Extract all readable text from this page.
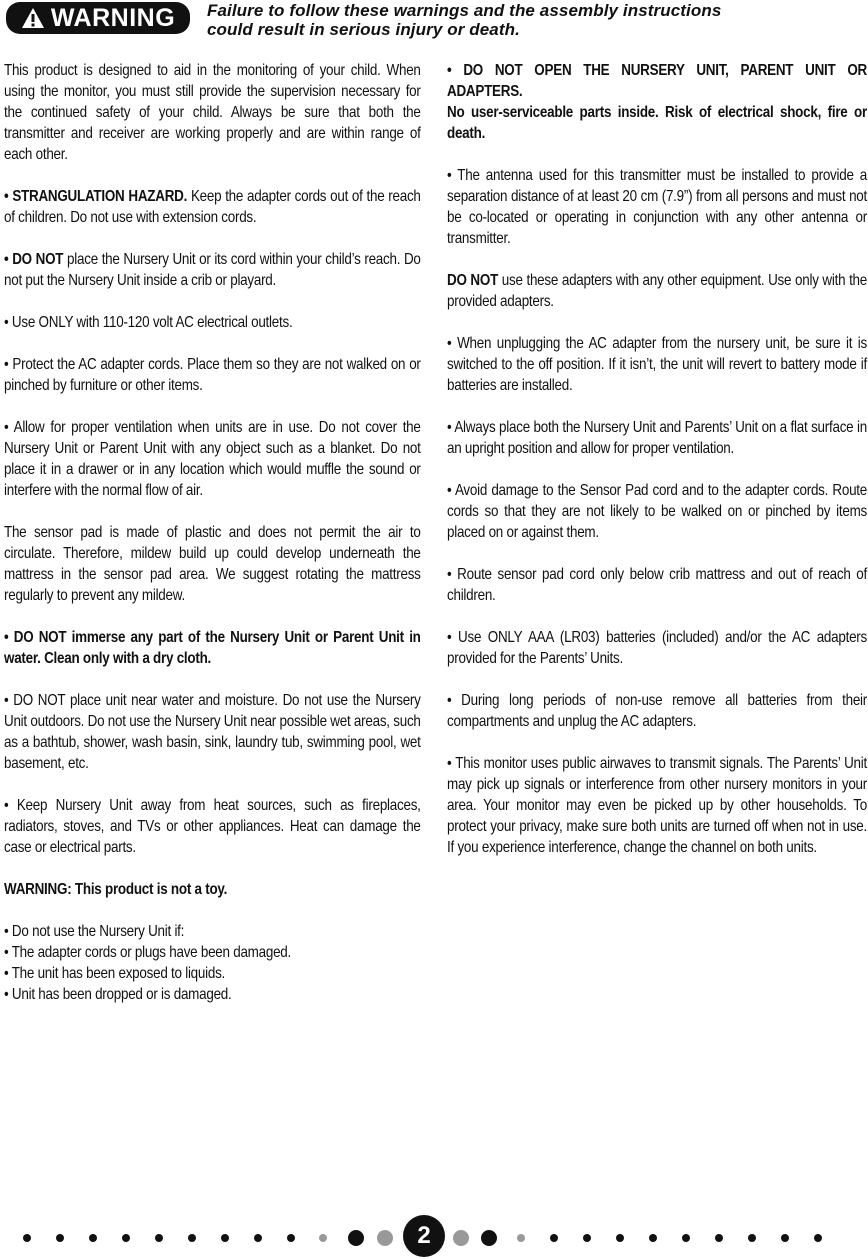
WARNING Failure to follow these warnings and the assembly instructions
could result in serious injury or death.

This product is designed to aid in the monitoring of your child. When using the monitor, you must still provide the supervision necessary for the continued safety of your child. Always be sure that both the transmitter and receiver are working properly and are within range of each other.

• STRANGULATION HAZARD. Keep the adapter cords out of the reach of children. Do not use with extension cords.

• DO NOT place the Nursery Unit or its cord within your child’s reach. Do not put the Nursery Unit inside a crib or playard.

• Use ONLY with 110-120 volt AC electrical outlets.

• Protect the AC adapter cords. Place them so they are not walked on or pinched by furniture or other items.

• Allow for proper ventilation when units are in use. Do not cover the Nursery Unit or Parent Unit with any object such as a blanket. Do not place it in a drawer or in any location which would muffle the sound or interfere with the normal flow of air.

The sensor pad is made of plastic and does not permit the air to circulate. Therefore, mildew build up could develop underneath the mattress in the sensor pad area. We suggest rotating the mattress regularly to prevent any mildew.

• DO NOT immerse any part of the Nursery Unit or Parent Unit in water. Clean only with a dry cloth.

• DO NOT place unit near water and moisture. Do not use the Nursery Unit outdoors. Do not use the Nursery Unit near possible wet areas, such as a bathtub, shower, wash basin, sink, laundry tub, swimming pool, wet basement, etc.

• Keep Nursery Unit away from heat sources, such as fireplaces, radiators, stoves, and TVs or other appliances. Heat can damage the case or electrical parts.

WARNING: This product is not a toy.

• Do not use the Nursery Unit if:

• The adapter cords or plugs have been damaged.
• The unit has been exposed to liquids.
• Unit has been dropped or is damaged.

• DO NOT OPEN THE NURSERY UNIT, PARENT UNIT OR ADAPTERS.
No user-serviceable parts inside. Risk of electrical shock, fire or death.

• The antenna used for this transmitter must be installed to provide a separation distance of at least 20 cm (7.9”) from all persons and must not be co-located or operating in conjunction with any other antenna or transmitter.

DO NOT use these adapters with any other equipment. Use only with the provided adapters.

• When unplugging the AC adapter from the nursery unit, be sure it is switched to the off position. If it isn’t, the unit will revert to battery mode if batteries are installed.

• Always place both the Nursery Unit and Parents’ Unit on a flat surface in an upright position and allow for proper ventilation.

• Avoid damage to the Sensor Pad cord and to the adapter cords. Route cords so that they are not likely to be walked on or pinched by items placed on or against them.

• Route sensor pad cord only below crib mattress and out of reach of children.

• Use ONLY AAA (LR03) batteries (included) and/or the AC adapters provided for the Parents’ Units.

• During long periods of non-use remove all batteries from their compartments and unplug the AC adapters.

• This monitor uses public airwaves to transmit signals. The Parents’ Unit may pick up signals or interference from other nursery monitors in your area. Your monitor may even be picked up by other households. To protect your privacy, make sure both units are turned off when not in use. If you experience interference, change the channel on both units.

2
